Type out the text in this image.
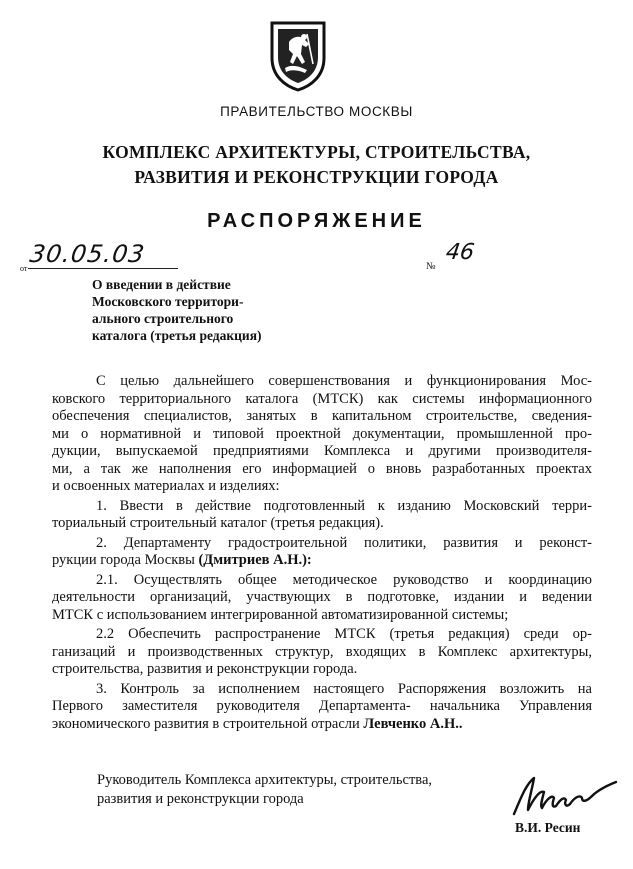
ПРАВИТЕЛЬСТВО МОСКВЫ
КОМПЛЕКС АРХИТЕКТУРЫ, СТРОИТЕЛЬСТВА,
РАЗВИТИЯ И РЕКОНСТРУКЦИИ ГОРОДА
РАСПОРЯЖЕНИЕ
от
30.05.03	№
46
О введении в действие
Московского территори-
ального строительного
каталога (третья редакция)

С целью дальнейшего совершенствования и функционирования Мос-

ковского территориального каталога (МТСК) как системы информационного

обеспечения специалистов, занятых в капитальном строительстве, сведения-

ми о нормативной и типовой проектной документации, промышленной про-

дукции, выпускаемой предприятиями Комплекса и другими производителя-

ми, а так же наполнения его информацией о вновь разработанных проектах

и освоенных материалах и изделиях:

1. Ввести в действие подготовленный к изданию Московский терри-

ториальный строительный каталог (третья редакция).

2. Департаменту градостроительной политики, развития и реконст-

рукции города Москвы (Дмитриев А.Н.):

2.1. Осуществлять общее методическое руководство и координацию

деятельности организаций, участвующих в подготовке, издании и ведении

МТСК с использованием интегрированной автоматизированной системы;

2.2 Обеспечить распространение МТСК (третья редакция) среди ор-

ганизаций и производственных структур, входящих в Комплекс архитектуры,

строительства, развития и реконструкции города.

3. Контроль за исполнением настоящего Распоряжения возложить на

Первого заместителя руководителя Департамента- начальника Управления

экономического развития в строительной отрасли Левченко А.Н..

Руководитель Комплекса архитектуры, строительства,
развития и реконструкции города
В.И. Ресин
